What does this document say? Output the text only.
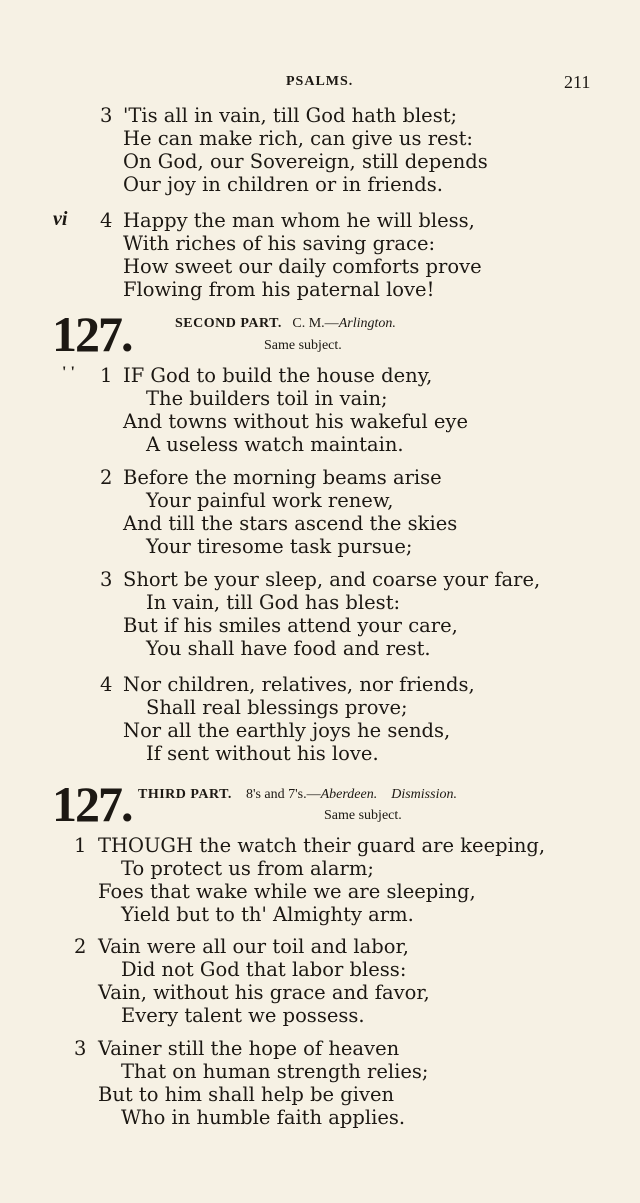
PSALMS.	211
3 'Tis all in vain, till God hath blest;
He can make rich, can give us rest:
On God, our Sovereign, still depends
Our joy in children or in friends.
vi 4 Happy the man whom he will bless,
With riches of his saving grace:
How sweet our daily comforts prove
Flowing from his paternal love!
127.	SECOND PART. C. M.—Arlington.
Same subject.
' ' 1 IF God to build the house deny,
The builders toil in vain;
And towns without his wakeful eye
A useless watch maintain.
2 Before the morning beams arise
Your painful work renew,
And till the stars ascend the skies
Your tiresome task pursue;
3 Short be your sleep, and coarse your fare,
In vain, till God has blest:
But if his smiles attend your care,
You shall have food and rest.
4 Nor children, relatives, nor friends,
Shall real blessings prove;
Nor all the earthly joys he sends,
If sent without his love.
127. THIRD PART. 8's and 7's.—Aberdeen. Dismission.
Same subject.
1 THOUGH the watch their guard are keeping,
To protect us from alarm;
Foes that wake while we are sleeping,
Yield but to th' Almighty arm.
2 Vain were all our toil and labor,
Did not God that labor bless:
Vain, without his grace and favor,
Every talent we possess.
3 Vainer still the hope of heaven
That on human strength relies;
But to him shall help be given
Who in humble faith applies.
